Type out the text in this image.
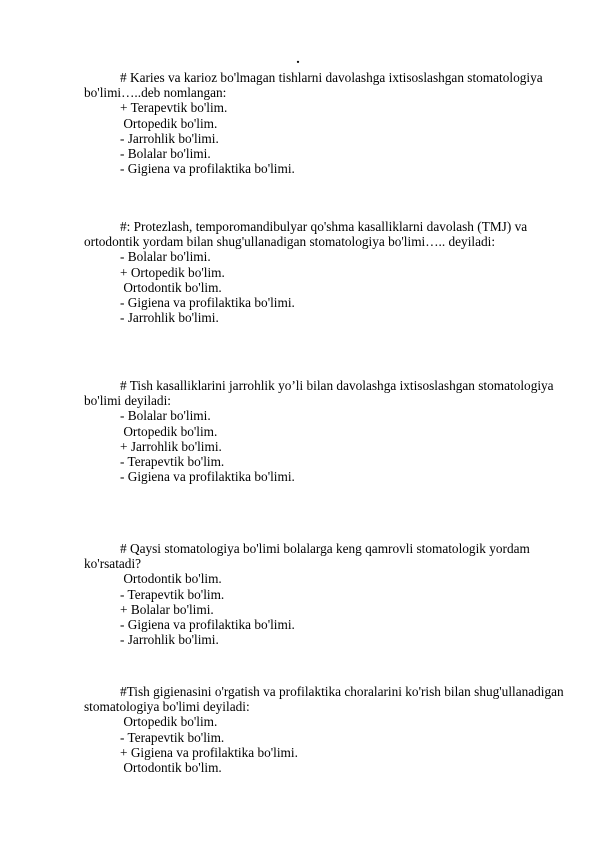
.

# Karies va karioz bo'lmagan tishlarni davolashga ixtisoslashgan stomatologiya bo'limi…..deb nomlangan:

+ Terapevtik bo'lim.

Ortopedik bo'lim.

- Jarrohlik bo'limi.

- Bolalar bo'limi.

- Gigiena va profilaktika bo'limi.

#: Protezlash, temporomandibulyar qo'shma kasalliklarni davolash (TMJ) va ortodontik yordam bilan shug'ullanadigan stomatologiya bo'limi….. deyiladi:

- Bolalar bo'limi.

+ Ortopedik bo'lim.

Ortodontik bo'lim.

- Gigiena va profilaktika bo'limi.

- Jarrohlik bo'limi.

# Tish kasalliklarini jarrohlik yo’li bilan davolashga ixtisoslashgan stomatologiya bo'limi deyiladi:

- Bolalar bo'limi.

Ortopedik bo'lim.

+ Jarrohlik bo'limi.

- Terapevtik bo'lim.

- Gigiena va profilaktika bo'limi.

# Qaysi stomatologiya bo'limi bolalarga keng qamrovli stomatologik yordam ko'rsatadi?

Ortodontik bo'lim.

- Terapevtik bo'lim.

+ Bolalar bo'limi.

- Gigiena va profilaktika bo'limi.

- Jarrohlik bo'limi.

#Tish gigienasini o'rgatish va profilaktika choralarini ko'rish bilan shug'ullanadigan stomatologiya bo'limi deyiladi:

Ortopedik bo'lim.

- Terapevtik bo'lim.

+ Gigiena va profilaktika bo'limi.

Ortodontik bo'lim.
